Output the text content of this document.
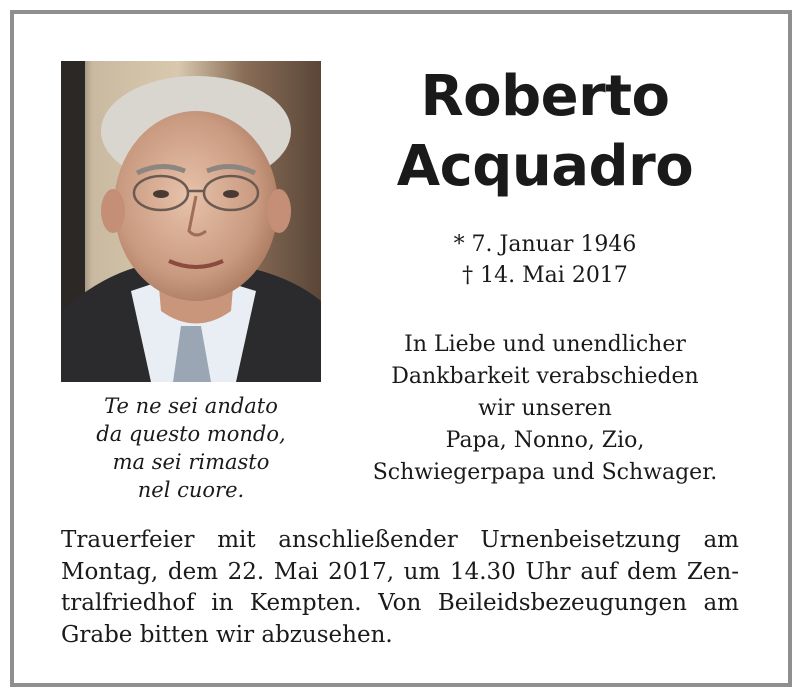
Te ne sei andato
da questo mondo,
ma sei rimasto
nel cuore.
Roberto
Acquadro
* 7. Januar 1946
† 14. Mai 2017
In Liebe und unendlicher
Dankbarkeit verabschieden
wir unseren
Papa, Nonno, Zio,
Schwiegerpapa und Schwager.
Trauerfeier mit anschließender Urnenbeisetzung am
Montag, dem 22. Mai 2017, um 14.30 Uhr auf dem Zen-
tralfriedhof in Kempten. Von Beileidsbezeugungen am
Grabe bitten wir abzusehen.
